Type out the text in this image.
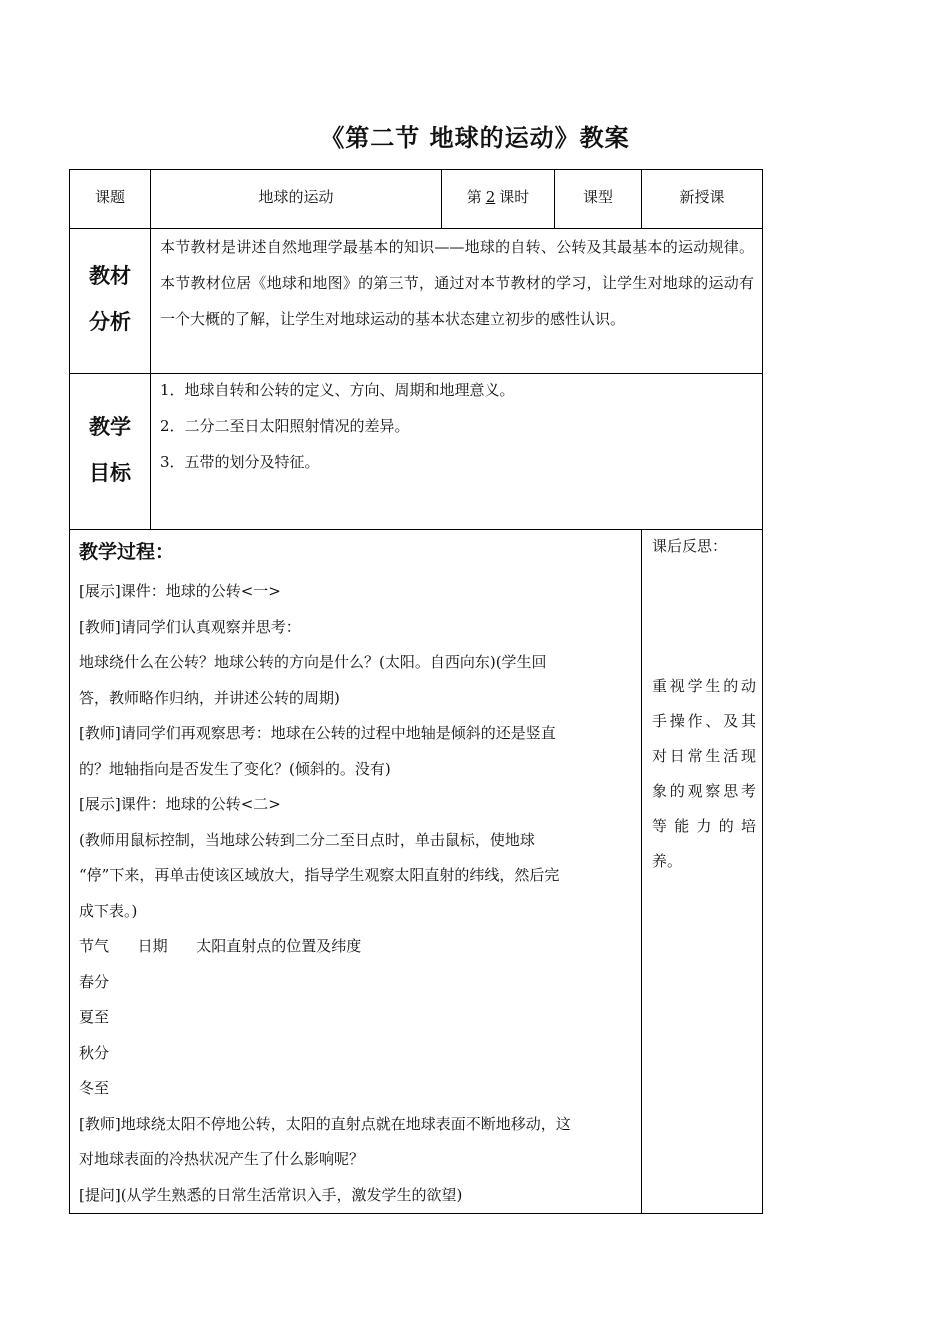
《第二节 地球的运动》教案
课题	地球的运动	第 2 课时	课型	新授课
教材
分析
本节教材是讲述自然地理学最基本的知识——地球的自转、公转及其最基本的运动规律。本节教材位居《地球和地图》的第三节，通过对本节教材的学习，让学生对地球的运动有一个大概的了解，让学生对地球运动的基本状态建立初步的感性认识。
教学
目标
1．地球自转和公转的定义、方向、周期和地理意义。
2．二分二至日太阳照射情况的差异。
3．五带的划分及特征。
教学过程：
[展示]课件：地球的公转<一>
[教师]请同学们认真观察并思考：
地球绕什么在公转？地球公转的方向是什么？(太阳。自西向东)(学生回
答，教师略作归纳，并讲述公转的周期)
[教师]请同学们再观察思考：地球在公转的过程中地轴是倾斜的还是竖直
的？地轴指向是否发生了变化？(倾斜的。没有)
[展示]课件：地球的公转<二>
(教师用鼠标控制，当地球公转到二分二至日点时，单击鼠标，使地球
“停”下来，再单击使该区域放大，指导学生观察太阳直射的纬线，然后完
成下表。)
节气      日期      太阳直射点的位置及纬度
春分
夏至
秋分
冬至
[教师]地球绕太阳不停地公转，太阳的直射点就在地球表面不断地移动，这
对地球表面的冷热状况产生了什么影响呢？
[提问](从学生熟悉的日常生活常识入手，激发学生的欲望)
课后反思：
重视学生的动手操作、及其对日常生活现象的观察思考等能力的培养。
